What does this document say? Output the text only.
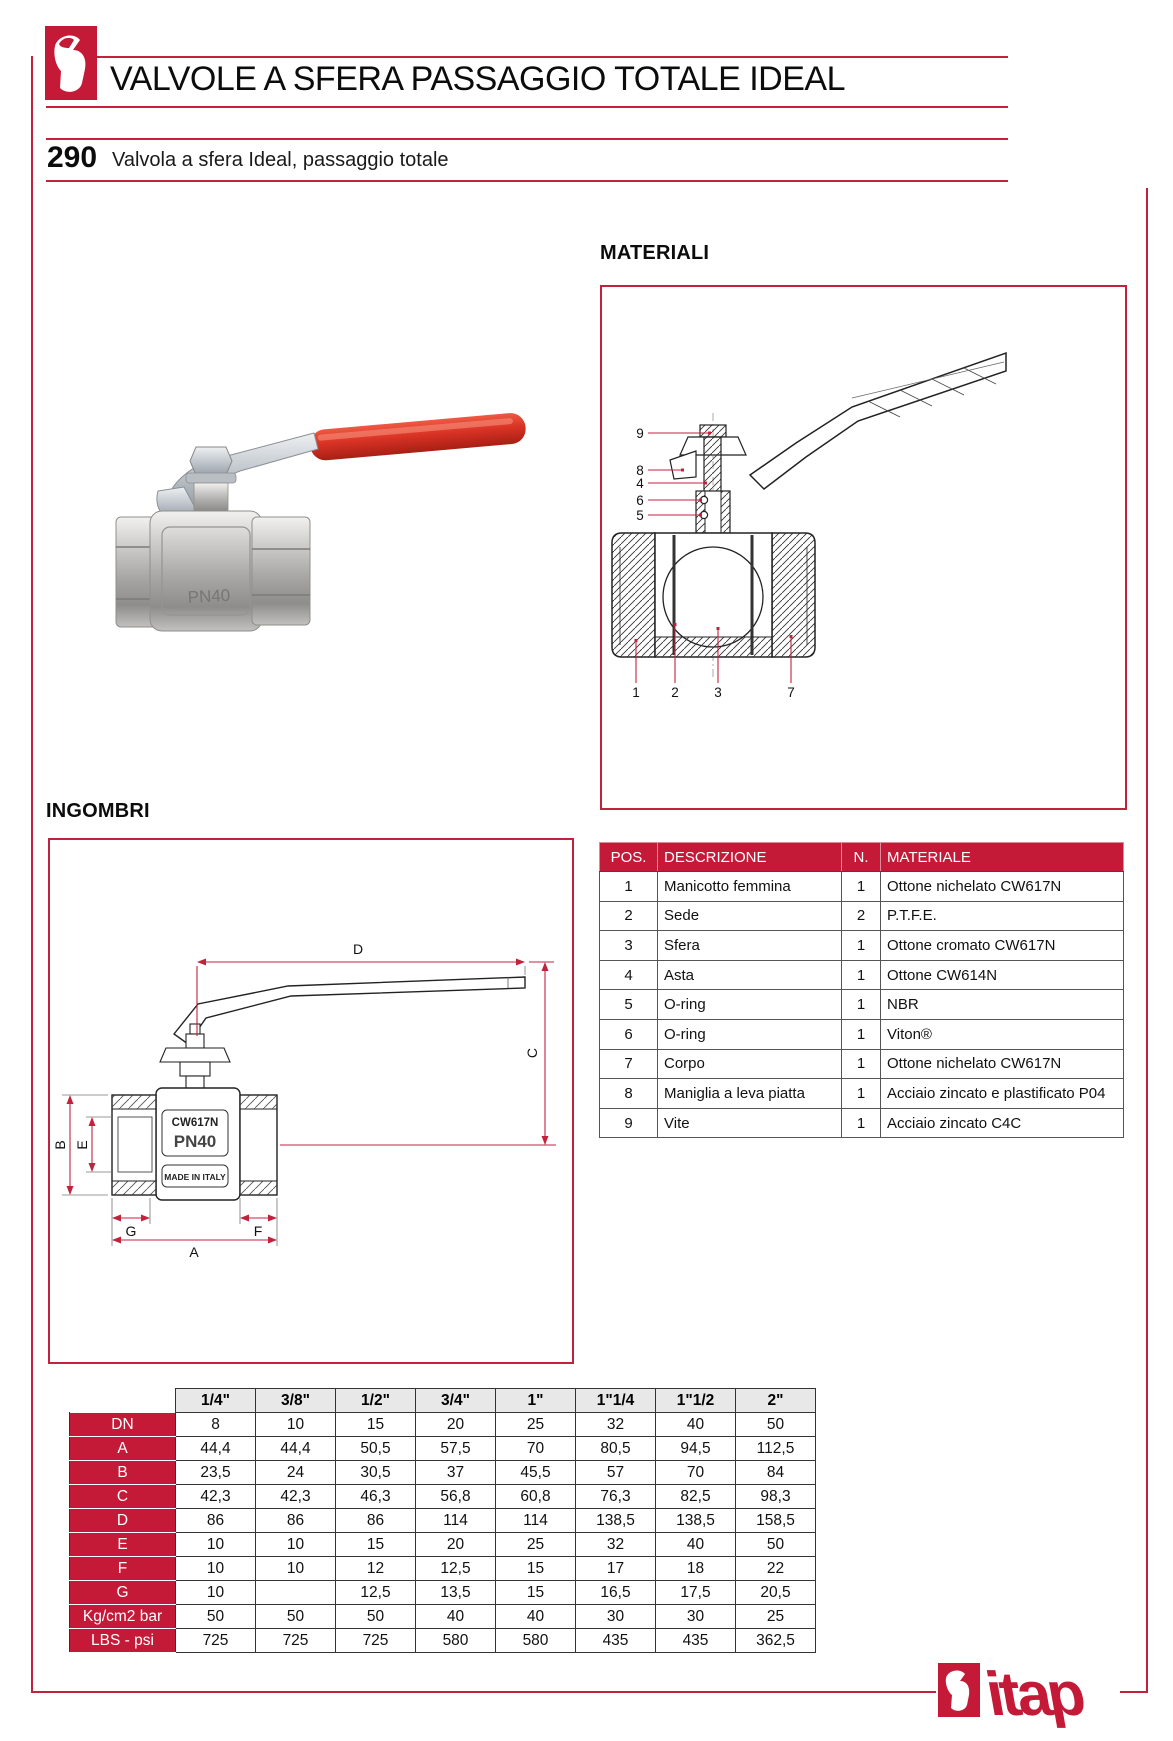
VALVOLE A SFERA PASSAGGIO TOTALE IDEAL
290 Valvola a sfera Ideal, passaggio totale
MATERIALI
9
8
4
6
5
1 2	3	7
PN40
INGOMBRI
CW617N
PN40
MADE IN ITALY
D
C
B E
G	F
A
POS.	DESCRIZIONE	N.	MATERIALE
1	Manicotto femmina	1	Ottone nichelato CW617N
2	Sede	2	P.T.F.E.
3	Sfera	1	Ottone cromato CW617N
4	Asta	1	Ottone CW614N
5	O-ring	1	NBR
6	O-ring	1	Viton®
7	Corpo	1	Ottone nichelato CW617N
8	Maniglia a leva piatta	1	Acciaio zincato e plastificato P04
9	Vite	1	Acciaio zincato C4C
	1/4"	3/8"	1/2"	3/4"	1"	1"1/4	1"1/2	2"
DN	8	10	15	20	25	32	40	50
A	44,4	44,4	50,5	57,5	70	80,5	94,5	112,5
B	23,5	24	30,5	37	45,5	57	70	84
C	42,3	42,3	46,3	56,8	60,8	76,3	82,5	98,3
D	86	86	86	114	114	138,5	138,5	158,5
E	10	10	15	20	25	32	40	50
F	10	10	12	12,5	15	17	18	22
G	10		12,5	13,5	15	16,5	17,5	20,5
Kg/cm2 bar	50	50	50	40	40	30	30	25
LBS - psi	725	725	725	580	580	435	435	362,5
itap
